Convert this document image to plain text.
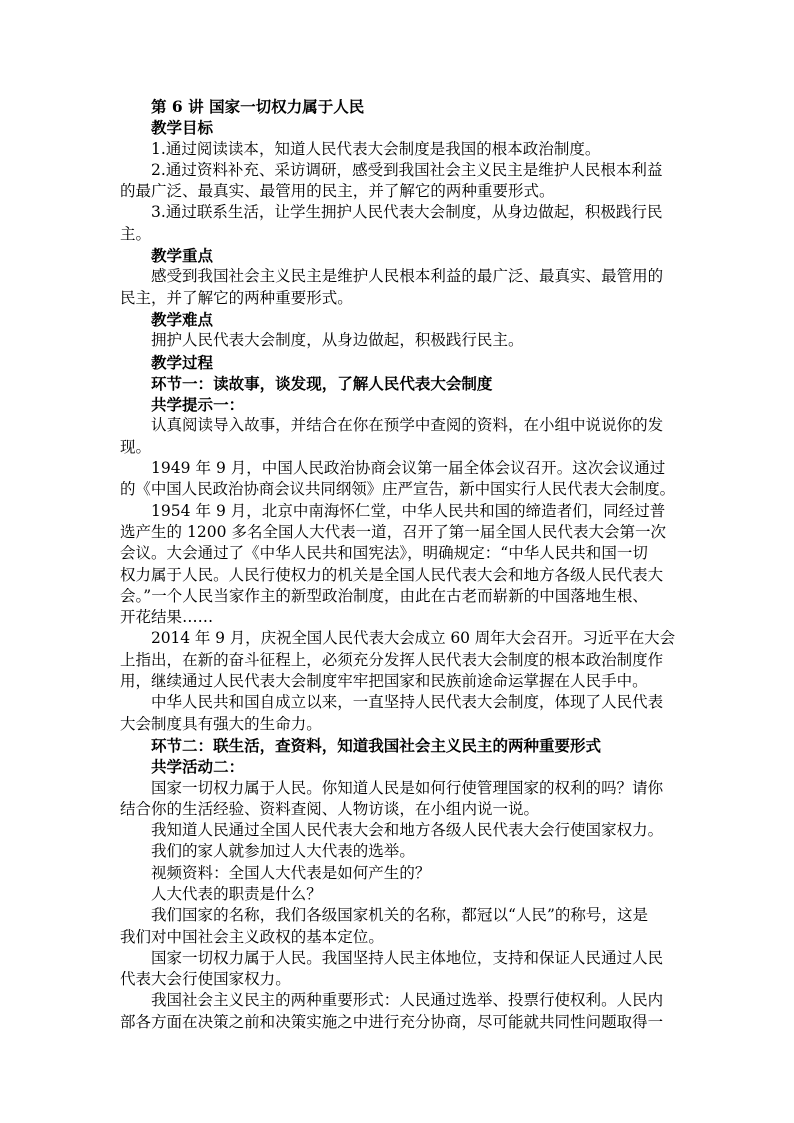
第 6 讲 国家一切权力属于人民
教学目标
1.通过阅读读本，知道人民代表大会制度是我国的根本政治制度。
2.通过资料补充、采访调研，感受到我国社会主义民主是维护人民根本利益
的最广泛、最真实、最管用的民主，并了解它的两种重要形式。
3.通过联系生活，让学生拥护人民代表大会制度，从身边做起，积极践行民
主。
教学重点
感受到我国社会主义民主是维护人民根本利益的最广泛、最真实、最管用的
民主，并了解它的两种重要形式。
教学难点
拥护人民代表大会制度，从身边做起，积极践行民主。
教学过程
环节一：读故事，谈发现，了解人民代表大会制度
共学提示一：
认真阅读导入故事，并结合在你在预学中查阅的资料，在小组中说说你的发
现。
1949 年 9 月，中国人民政治协商会议第一届全体会议召开。这次会议通过
的《中国人民政治协商会议共同纲领》庄严宣告，新中国实行人民代表大会制度。
1954 年 9 月，北京中南海怀仁堂，中华人民共和国的缔造者们，同经过普
选产生的 1200 多名全国人大代表一道，召开了第一届全国人民代表大会第一次
会议。大会通过了《中华人民共和国宪法》，明确规定：“中华人民共和国一切
权力属于人民。人民行使权力的机关是全国人民代表大会和地方各级人民代表大
会。”一个人民当家作主的新型政治制度，由此在古老而崭新的中国落地生根、
开花结果……
2014 年 9 月，庆祝全国人民代表大会成立 60 周年大会召开。习近平在大会
上指出，在新的奋斗征程上，必须充分发挥人民代表大会制度的根本政治制度作
用，继续通过人民代表大会制度牢牢把国家和民族前途命运掌握在人民手中。
中华人民共和国自成立以来，一直坚持人民代表大会制度，体现了人民代表
大会制度具有强大的生命力。
环节二：联生活，查资料，知道我国社会主义民主的两种重要形式
共学活动二：
国家一切权力属于人民。你知道人民是如何行使管理国家的权利的吗？请你
结合你的生活经验、资料查阅、人物访谈，在小组内说一说。
我知道人民通过全国人民代表大会和地方各级人民代表大会行使国家权力。
我们的家人就参加过人大代表的选举。
视频资料：全国人大代表是如何产生的？
人大代表的职责是什么？
我们国家的名称，我们各级国家机关的名称，都冠以“人民”的称号，这是
我们对中国社会主义政权的基本定位。
国家一切权力属于人民。我国坚持人民主体地位，支持和保证人民通过人民
代表大会行使国家权力。
我国社会主义民主的两种重要形式：人民通过选举、投票行使权利。人民内
部各方面在决策之前和决策实施之中进行充分协商，尽可能就共同性问题取得一
